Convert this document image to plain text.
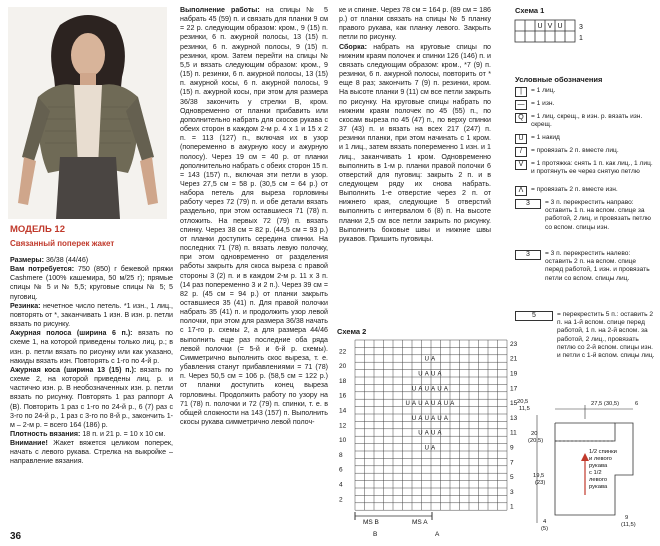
МОДЕЛЬ 12
Связанный поперек жакет

Размеры: 36/38 (44/46)

Вам потребуется: 750 (850) г бежевой пряжи Cashmere (100% кашемира, 50 м/25 г); прямые спицы № 5 и № 5,5; круговые спицы № 5; 5 пуговиц.

Резинка: нечетное число петель. *1 изн., 1 лиц., повторять от *, заканчивать 1 изн. В изн. р. петли вязать по рисунку.

Ажурная полоса (ширина 6 п.): вязать по схеме 1, на которой приведены только лиц. р.; в изн. р. петли вязать по рисунку или как указано, накиды вязать изн. Повторять с 1-го по 4-й р.

Ажурная коса (ширина 13 (15) п.): вязать по схеме 2, на которой приведены лиц. р. и частично изн. р. В необозначенных изн. р. петли вязать по рисунку. Повторять 1 раз раппорт А (B). Повторить 1 раз с 1-го по 24-й р., 6 (7) раз с 3-го по 24-й р., 1 раз с 3-го по 8-й р., закончить 1-м – 2-м р. = всего 164 (186) р.

Плотность вязания: 18 п. и 21 р. = 10 х 10 см.

Внимание! Жакет вяжется целиком поперек, начать с левого рукава. Стрелка на выкройке – направление вязания.

Выполнение работы: на спицы № 5 набрать 45 (59) п. и связать для планки 9 см = 22 р. следующим образом: кром., 9 (15) п. резинки, 6 п. ажурной полосы, 13 (15) п. резинки, 6 п. ажурной полосы, 9 (15) п. резинки, кром. Затем перейти на спицы № 5,5 и вязать следующим образом: кром., 9 (15) п. резинки, 6 п. ажурной полосы, 13 (15) п. ажурной косы, 6 п. ажурной полосы, 9 (15) п. ажурной косы, при этом для размера 36/38 закончить у стрелки B, кром. Одновременно от планки прибавить или дополнительно набрать для скосов рукава с обеих сторон в каждом 2-м р. 4 х 1 и 15 х 2 п. = 113 (127) п., включая их в узор (попеременно в ажурную косу и ажурную полосу). Через 19 см = 40 р. от планки дополнительно набрать с обеих сторон 15 п. = 143 (157) п., включая эти петли в узор. Через 27,5 см = 58 р. (30,5 см = 64 р.) от набора петель для выреза горловины работу через 72 (79) п. и обе детали вязать раздельно, при этом оставшиеся 71 (78) п. отложить. На первых 72 (79) п. вязать спинку. Через 38 см = 82 р. (44,5 см = 93 р.) от планки доступить середина спинки. На последних 71 (78) п. вязать левую полочку, при этом одновременно от разделения работы закрыть для скоса выреза с правой стороны 3 (2) п. и в каждом 2-м р. 11 х 3 п. (14 раз попеременно 3 и 2 п.). Через 39 см = 82 р. (45 см = 94 р.) от планки закрыть оставшиеся 35 (41) п. Для правой полочки набрать 35 (41) п. и продолжить узор левой полочки, при этом для размера 36/38 начать с 17-го р. схемы 2, а для размера 44/46 выполнить еще раз последние оба ряда левой полочки (= 5-й и 6-й р. схемы). Симметрично выполнить скос выреза, т. е. убавления станут прибавлениями = 71 (78) п. Через 50,5 см = 106 р. (58,5 см = 122 р.) от планки доступить конец выреза горловины. Продолжить работу по узору на 71 (78) п. полочки и 72 (79) п. спинки, т. е. в общей сложности на 143 (157) п. Выполнить скосы рукава симметрично левой полоч-

ке и спинке. Через 78 см = 164 р. (89 см = 186 р.) от планки связать на спицы № 5 планку правого рукава, как планку левого. Закрыть петли по рисунку.

Сборка: набрать на круговые спицы по нижним краям полочек и спинки 126 (146) п. и связать следующим образом: кром., *7 (9) п. резинки, 6 п. ажурной полосы, повторить от * еще 8 раз; закончить 7 (9) п. резинки, кром. На высоте планки 9 (11) см все петли закрыть по рисунку. На круговые спицы набрать по нижним краям полочек по 45 (55) п., по скосам выреза по 45 (47) п., по верху спинки 37 (43) п. и вязать на всех 217 (247) п. резинки планки, при этом начинать с 1 кром. и 1 лиц., затем вязать попеременно 1 изн. и 1 лиц., заканчивать 1 кром. Одновременно выполнить в 1-м р. планки правой полочки 6 отверстий для пуговиц: закрыть 2 п. и в следующем ряду их снова набрать. Выполнить 1-е отверстие через 2 п. от нижнего края, следующие 5 отверстий выполнить с интервалом 6 (8) п. На высоте планки 2,5 см все петли закрыть по рисунку. Выполнить боковые швы и нижние швы рукавов. Пришить пуговицы.

36
Схема 1
U V U 3
1
Условные обозначения
|	= 1 лиц.
— = 1 изн.
Q	= 1 лиц. скрещ., в изн. р. вязать изн. скрещ.
U	= 1 накид
/	= провязать 2 п. вместе лиц.
V	= 1 протяжка: снять 1 п. как лиц., 1 лиц. и протянуть ее через снятую петлю
Λ	= провязать 2 п. вместе изн.
3	= 3 п. перекрестить направо: оставить 1 п. на вспом. спице за работой, 2 лиц. и провязать петлю со вспом. спицы изн.
3	= 3 п. перекрестить налево: оставить 2 п. на вспом. спице перед работой, 1 изн. и провязать петли со вспом. спицы лиц.
5	= перекрестить 5 п.: оставить 2 п. на 1-й вспом. спице перед работой, 1 п. на 2-й вспом. за работой, 2 лиц., провязать петлю со 2-й вспом. спицы изн. и петли с 1-й вспом. спицы лиц.
Схема 2
22
20
18
16
14
12
10
8
6
4
2
23
21
19
17
15
13
11
9
7
5
3
1
UA
UAUA
UAUAUA
UAUAUAUA
UAUAUA
UAUA
UA
MS B
B
MS A
A
20,5
11,5
27,5 (30,5)	6
20
(20,5)
19,5
(23)
4
(5)
9
(11,5)
1/2 спинки
и левого
рукава
с 1/2
левого
рукава
